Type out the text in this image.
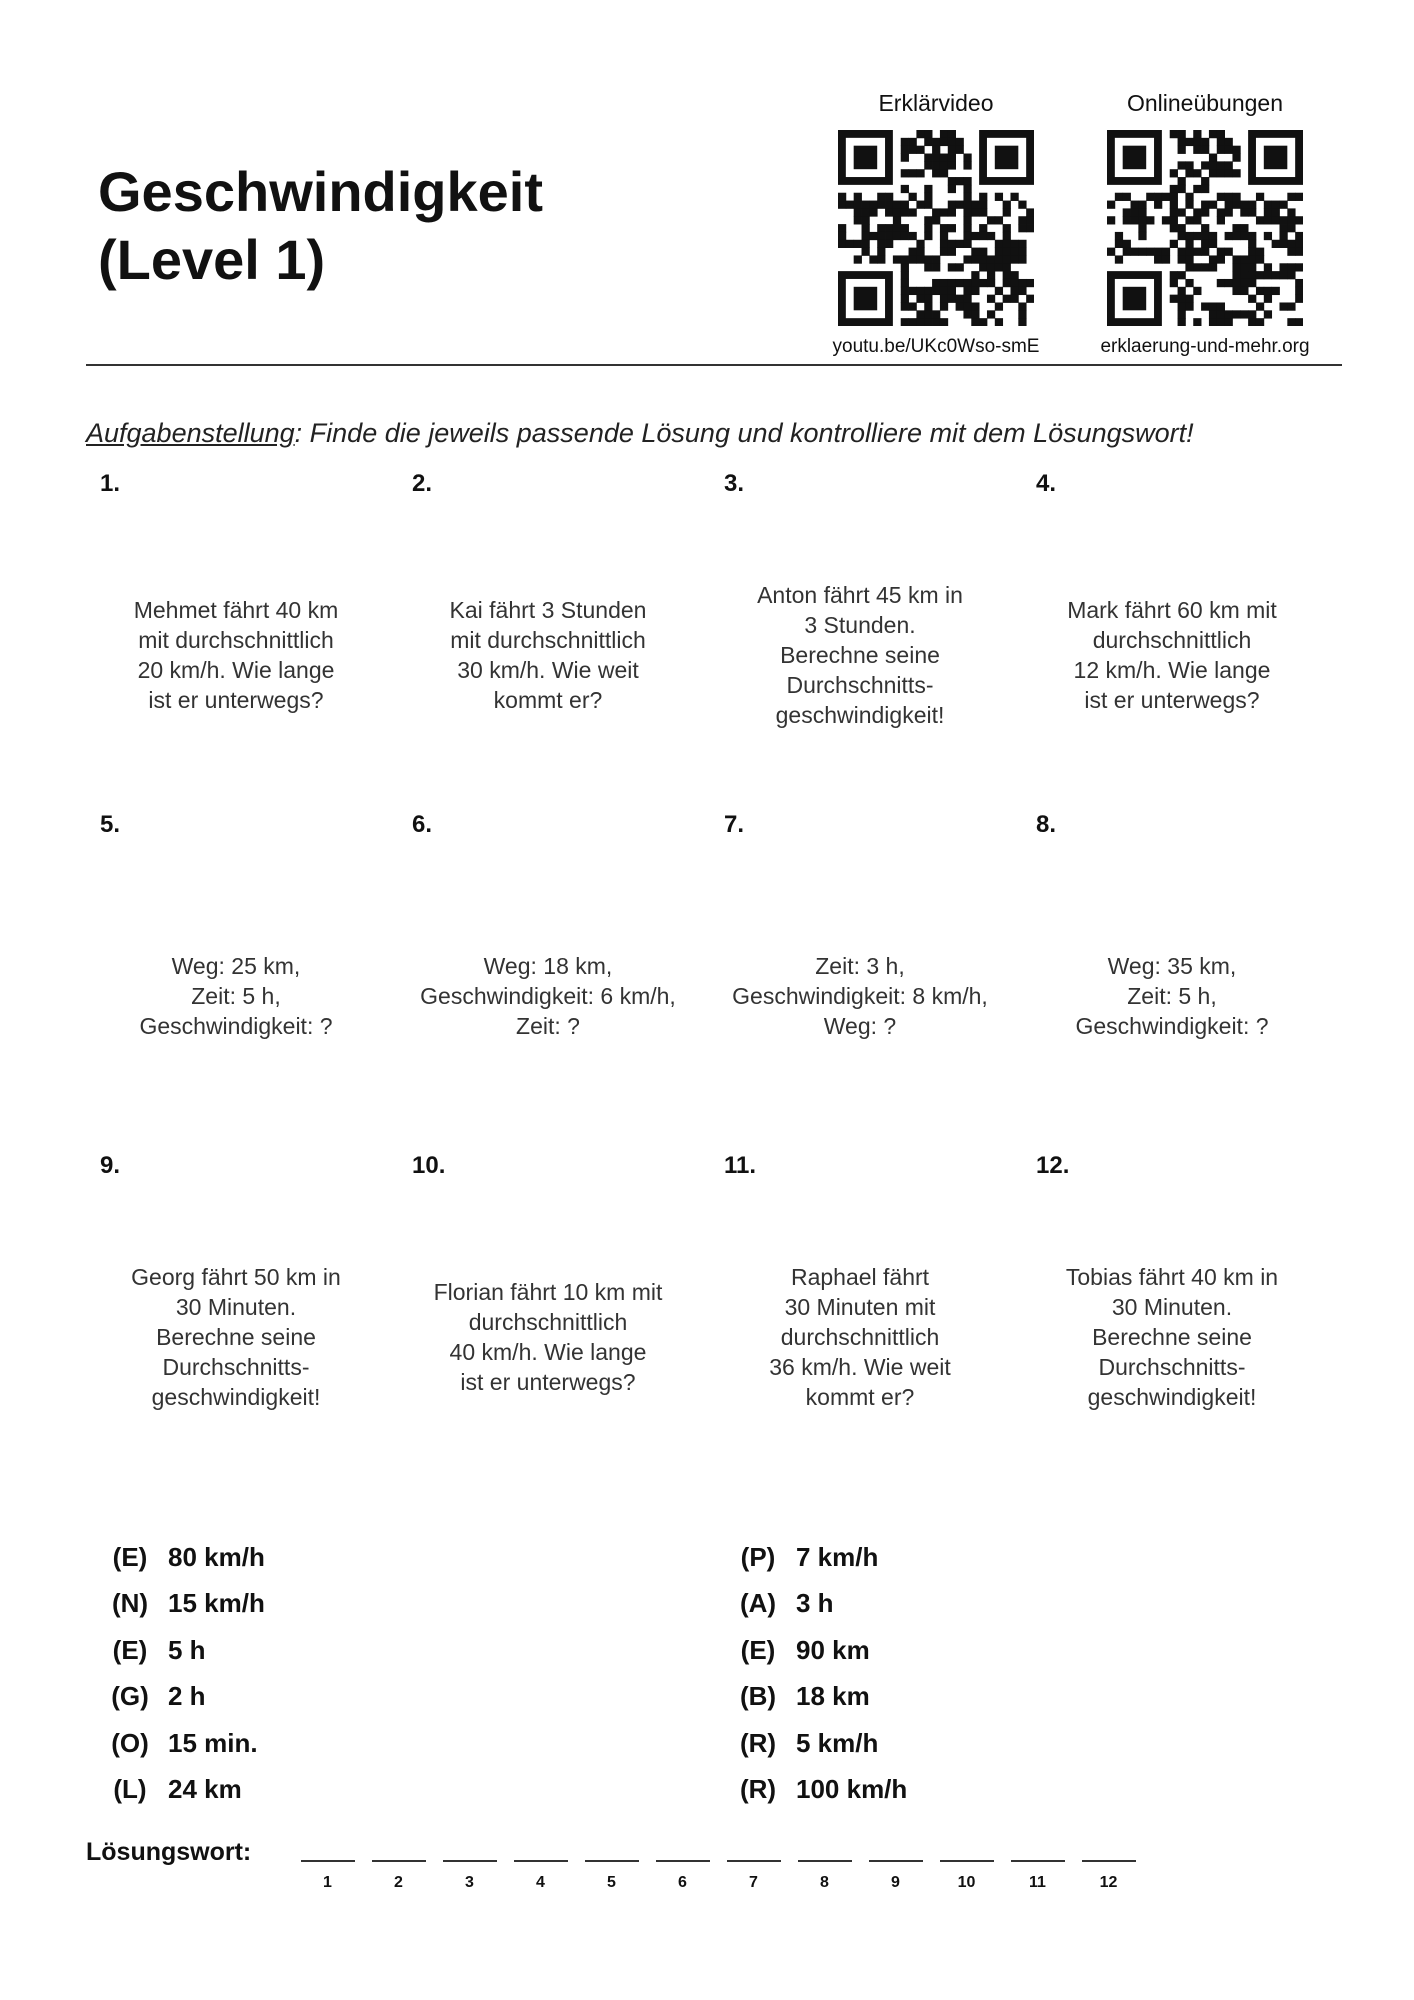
Geschwindigkeit
(Level 1)
Erklärvideo
youtu.be/UKc0Wso-smE
Onlineübungen
erklaerung-und-mehr.org
Aufgabenstellung: Finde die jeweils passende Lösung und kontrolliere mit dem Lösungswort!
1.
Mehmet fährt 40 km
mit durchschnittlich
20 km/h. Wie lange
ist er unterwegs?
2.
Kai fährt 3 Stunden
mit durchschnittlich
30 km/h. Wie weit
kommt er?
3.
Anton fährt 45 km in
3 Stunden.
Berechne seine
Durchschnitts-
geschwindigkeit!
4.
Mark fährt 60 km mit
durchschnittlich
12 km/h. Wie lange
ist er unterwegs?
5.
Weg: 25 km,
Zeit: 5 h,
Geschwindigkeit: ?
6.
Weg: 18 km,
Geschwindigkeit: 6 km/h,
Zeit: ?
7.
Zeit: 3 h,
Geschwindigkeit: 8 km/h,
Weg: ?
8.
Weg: 35 km,
Zeit: 5 h,
Geschwindigkeit: ?
9.
Georg fährt 50 km in
30 Minuten.
Berechne seine
Durchschnitts-
geschwindigkeit!
10.
Florian fährt 10 km mit
durchschnittlich
40 km/h. Wie lange
ist er unterwegs?
11.
Raphael fährt
30 Minuten mit
durchschnittlich
36 km/h. Wie weit
kommt er?
12.
Tobias fährt 40 km in
30 Minuten.
Berechne seine
Durchschnitts-
geschwindigkeit!
(E) 80 km/h
(N) 15 km/h
(E) 5 h
(G) 2 h
(O) 15 min.
(L) 24 km
(P) 7 km/h
(A) 3 h
(E) 90 km
(B) 18 km
(R) 5 km/h
(R) 100 km/h
Lösungswort:
1	2	3	4	5	6	7	8	9	10	11	12
